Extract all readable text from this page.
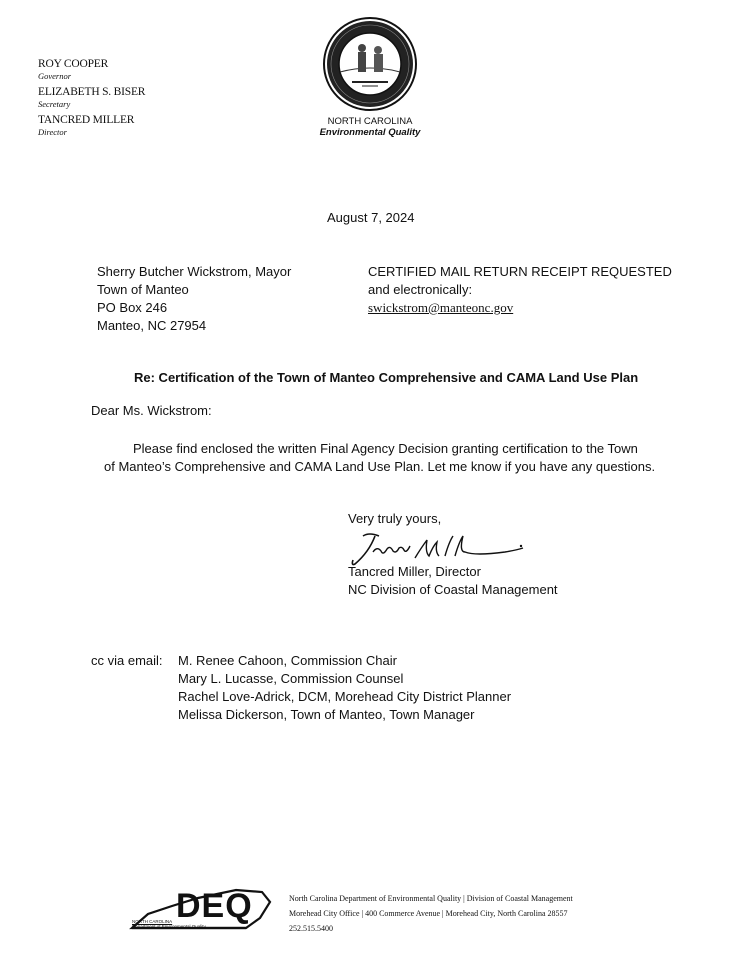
ROY COOPER
Governor
ELIZABETH S. BISER
Secretary
TANCRED MILLER
Director
NORTH CAROLINA
Environmental Quality
August 7, 2024
Sherry Butcher Wickstrom, Mayor
Town of Manteo
PO Box 246
Manteo, NC 27954
CERTIFIED MAIL RETURN RECEIPT REQUESTED
and electronically:
swickstrom@manteonc.gov
Re: Certification of the Town of Manteo Comprehensive and CAMA Land Use Plan
Dear Ms. Wickstrom:
Please find enclosed the written Final Agency Decision granting certification to the Town
of Manteo’s Comprehensive and CAMA Land Use Plan. Let me know if you have any questions.
Very truly yours,
Tancred Miller, Director
NC Division of Coastal Management
cc via email: M. Renee Cahoon, Commission Chair
Mary L. Lucasse, Commission Counsel
Rachel Love-Adrick, DCM, Morehead City District Planner
Melissa Dickerson, Town of Manteo, Town Manager
DEQ
NORTH CAROLINA
Department of Environmental Quality
North Carolina Department of Environmental Quality | Division of Coastal Management
Morehead City Office | 400 Commerce Avenue | Morehead City, North Carolina 28557
252.515.5400
